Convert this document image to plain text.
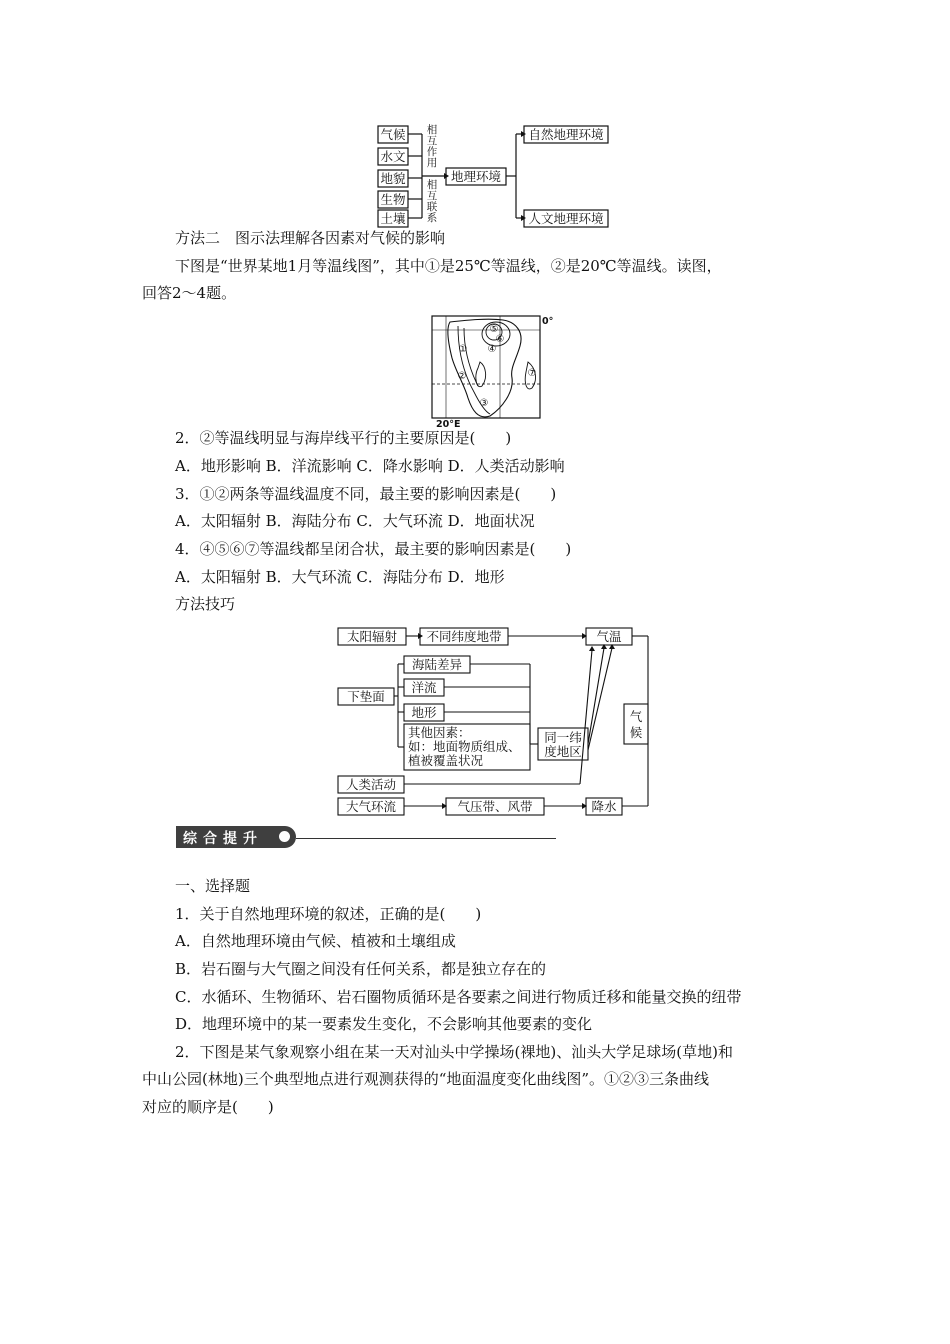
气候
水文
地貌
生物
土壤
相
互
作
用
相
互
联
系
地理环境
自然地理环境
人文地理环境
方法二　图示法理解各因素对气候的影响
下图是“世界某地1月等温线图”，其中①是25℃等温线，②是20℃等温线。读图，
回答2～4题。
①
②
③
④
⑤
⑥
⑦
0°
20°E
2．②等温线明显与海岸线平行的主要原因是(　　)
A．地形影响 B．洋流影响 C．降水影响 D．人类活动影响
3．①②两条等温线温度不同，最主要的影响因素是(　　)
A．太阳辐射 B．海陆分布 C．大气环流 D．地面状况
4．④⑤⑥⑦等温线都呈闭合状，最主要的影响因素是(　　)
A．太阳辐射 B．大气环流 C．海陆分布 D．地形
方法技巧
太阳辐射 不同纬度地带	气温
海陆差异
下垫面
洋流
地形
其他因素：
如：地面物质组成、
植被覆盖状况
同一纬
度地区
气
候
人类活动
大气环流	气压带、风带	降水
综合提升
一、选择题
1．关于自然地理环境的叙述，正确的是(　　)
A．自然地理环境由气候、植被和土壤组成
B．岩石圈与大气圈之间没有任何关系，都是独立存在的
C．水循环、生物循环、岩石圈物质循环是各要素之间进行物质迁移和能量交换的纽带
D．地理环境中的某一要素发生变化，不会影响其他要素的变化
2．下图是某气象观察小组在某一天对汕头中学操场(裸地)、汕头大学足球场(草地)和
中山公园(林地)三个典型地点进行观测获得的“地面温度变化曲线图”。①②③三条曲线
对应的顺序是(　　)
